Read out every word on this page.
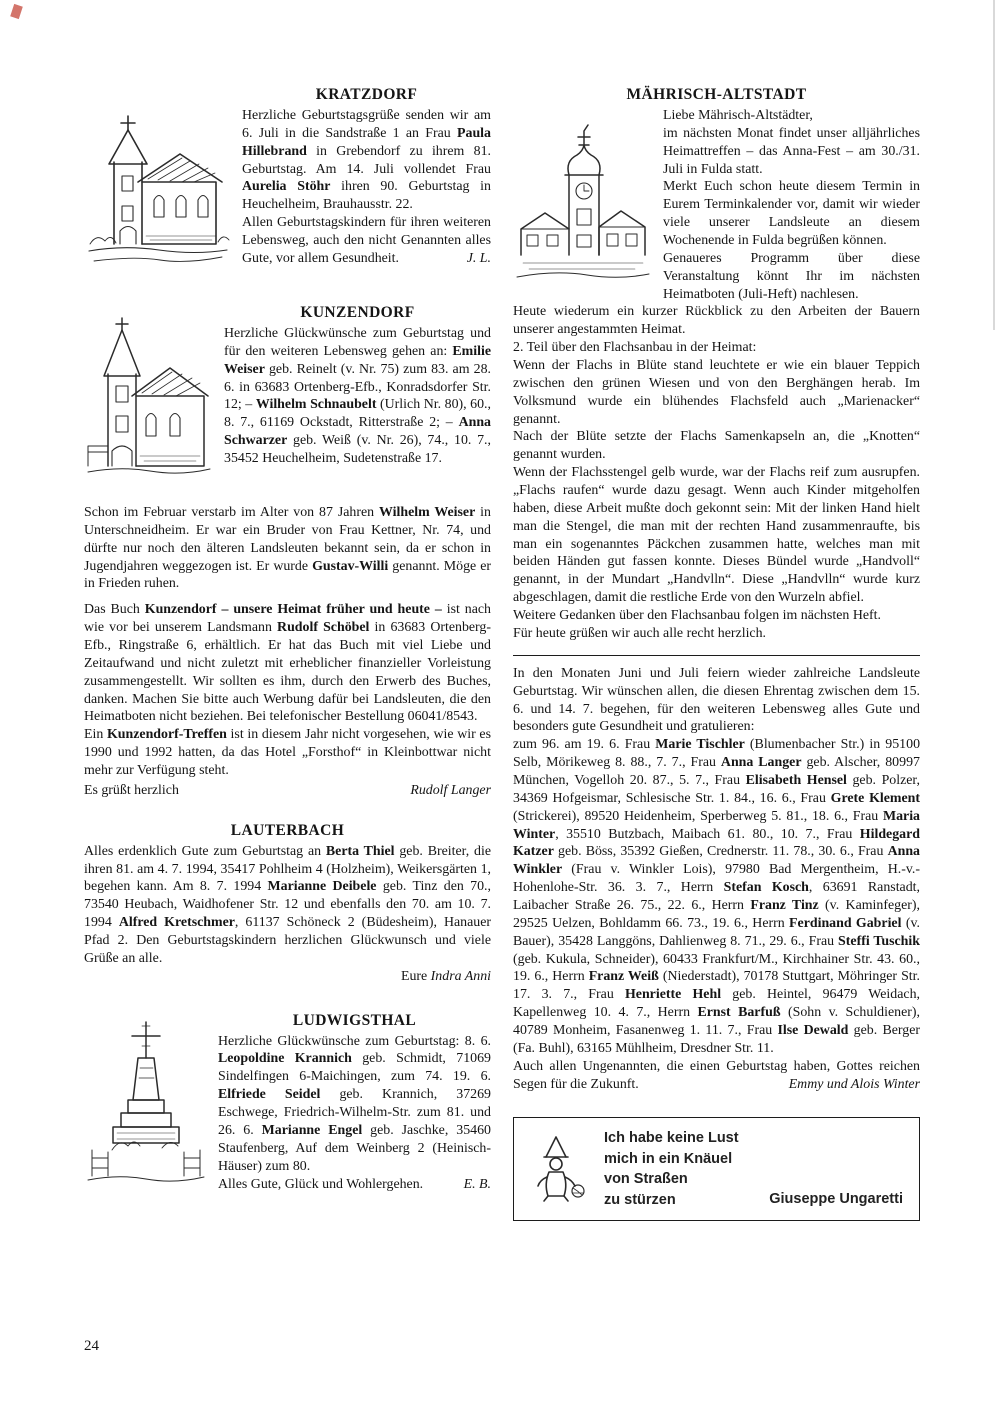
KRATZDORF

Herzliche Geburtstagsgrüße senden wir am 6. Juli in die Sandstraße 1 an Frau Paula Hillebrand in Grebendorf zu ihrem 81. Geburtstag. Am 14. Juli vollendet Frau Aurelia Stöhr ihren 90. Geburtstag in Heuchelheim, Brauhausstr. 22.

Allen Geburtstagskindern für ihren weiteren Lebensweg, auch den nicht Genannten alles Gute, vor allem Gesundheit.	J. L.

KUNZENDORF

Herzliche Glückwünsche zum Geburtstag und für den weiteren Lebensweg gehen an: Emilie Weiser geb. Reinelt (v. Nr. 75) zum 83. am 28. 6. in 63683 Ortenberg-Efb., Konradsdorfer Str. 12; – Wilhelm Schnaubelt (Urlich Nr. 80), 60., 8. 7., 61169 Ockstadt, Ritterstraße 2; – Anna Schwarzer geb. Weiß (v. Nr. 26), 74., 10. 7., 35452 Heuchelheim, Sudetenstraße 17.

Schon im Februar verstarb im Alter von 87 Jahren Wilhelm Weiser in Unterschneidheim. Er war ein Bruder von Frau Kettner, Nr. 74, und dürfte nur noch den älteren Landsleuten bekannt sein, da er schon in Jugendjahren weggezogen ist. Er wurde Gustav-Willi genannt. Möge er in Frieden ruhen.

Das Buch Kunzendorf – unsere Heimat früher und heute – ist nach wie vor bei unserem Landsmann Rudolf Schöbel in 63683 Ortenberg-Efb., Ringstraße 6, erhältlich. Er hat das Buch mit viel Liebe und Zeitaufwand und nicht zuletzt mit erheblicher finanzieller Vorleistung zusammengestellt. Wir sollten es ihm, durch den Erwerb des Buches, danken. Machen Sie bitte auch Werbung dafür bei Landsleuten, die den Heimatboten nicht beziehen. Bei telefonischer Bestellung 06041/8543.

Ein Kunzendorf-Treffen ist in diesem Jahr nicht vorgesehen, wie wir es 1990 und 1992 hatten, da das Hotel „Forsthof“ in Kleinbottwar nicht mehr zur Verfügung steht.

Es grüßt herzlich	Rudolf Langer

LAUTERBACH

Alles erdenklich Gute zum Geburtstag an Berta Thiel geb. Breiter, die ihren 81. am 4. 7. 1994, 35417 Pohlheim 4 (Holzheim), Weikersgärten 1, begehen kann. Am 8. 7. 1994 Marianne Deibele geb. Tinz den 70., 73540 Heubach, Waidhofener Str. 12 und ebenfalls den 70. am 10. 7. 1994 Alfred Kretschmer, 61137 Schöneck 2 (Büdesheim), Hanauer Pfad 2. Den Geburtstagskindern herzlichen Glückwunsch und viele Grüße an alle.

Eure Indra Anni

LUDWIGSTHAL

Herzliche Glückwünsche zum Geburtstag: 8. 6. Leopoldine Krannich geb. Schmidt, 71069 Sindelfingen 6-Maichingen, zum 74. 19. 6. Elfriede Seidel geb. Krannich, 37269 Eschwege, Friedrich-Wilhelm-Str. zum 81. und 26. 6. Marianne Engel geb. Jaschke, 35460 Staufenberg, Auf dem Weinberg 2 (Heinisch-Häuser) zum 80.

Alles Gute, Glück und Wohlergehen.	E. B.

MÄHRISCH-ALTSTADT

Liebe Mährisch-Altstädter,

im nächsten Monat findet unser alljährliches Heimattreffen – das Anna-Fest – am 30./31. Juli in Fulda statt.

Merkt Euch schon heute diesem Termin in Eurem Terminkalender vor, damit wir wieder viele unserer Landsleute an diesem Wochenende in Fulda begrüßen können.

Genaueres Programm über diese Veranstaltung könnt Ihr im nächsten Heimatboten (Juli-Heft) nachlesen.

Heute wiederum ein kurzer Rückblick zu den Arbeiten der Bauern unserer angestammten Heimat.

2. Teil über den Flachsanbau in der Heimat:

Wenn der Flachs in Blüte stand leuchtete er wie ein blauer Teppich zwischen den grünen Wiesen und von den Berghängen herab. Im Volksmund wurde ein blühendes Flachsfeld auch „Marienacker“ genannt.

Nach der Blüte setzte der Flachs Samenkapseln an, die „Knotten“ genannt wurden.

Wenn der Flachsstengel gelb wurde, war der Flachs reif zum ausrupfen. „Flachs raufen“ wurde dazu gesagt. Wenn auch Kinder mitgeholfen haben, diese Arbeit mußte doch gekonnt sein: Mit der linken Hand hielt man die Stengel, die man mit der rechten Hand zusammenraufte, bis man ein sogenanntes Päckchen zusammen hatte, welches man mit beiden Händen gut fassen konnte. Dieses Bündel wurde „Handvoll“ genannt, in der Mundart „Handvlln“. Diese „Handvlln“ wurde kurz abgeschlagen, damit die restliche Erde von den Wurzeln abfiel.

Weitere Gedanken über den Flachsanbau folgen im nächsten Heft.

Für heute grüßen wir auch alle recht herzlich.

In den Monaten Juni und Juli feiern wieder zahlreiche Landsleute Geburtstag. Wir wünschen allen, die diesen Ehrentag zwischen dem 15. 6. und 14. 7. begehen, für den weiteren Lebensweg alles Gute und besonders gute Gesundheit und gratulieren:

zum 96. am 19. 6. Frau Marie Tischler (Blumenbacher Str.) in 95100 Selb, Mörikeweg 8. 88., 7. 7., Frau Anna Langer geb. Alscher, 80997 München, Vogelloh 20. 87., 5. 7., Frau Elisabeth Hensel geb. Polzer, 34369 Hofgeismar, Schlesische Str. 1. 84., 16. 6., Frau Grete Klement (Strickerei), 89520 Heidenheim, Sperberweg 5. 81., 18. 6., Frau Maria Winter, 35510 Butzbach, Maibach 61. 80., 10. 7., Frau Hildegard Katzer geb. Böss, 35392 Gießen, Crednerstr. 11. 78., 30. 6., Frau Anna Winkler (Frau v. Winkler Lois), 97980 Bad Mergentheim, H.-v.-Hohenlohe-Str. 36. 3. 7., Herrn Stefan Kosch, 63691 Ranstadt, Laibacher Straße 26. 75., 22. 6., Herrn Franz Tinz (v. Kaminfeger), 29525 Uelzen, Bohldamm 66. 73., 19. 6., Herrn Ferdinand Gabriel (v. Bauer), 35428 Langgöns, Dahlienweg 8. 71., 29. 6., Frau Steffi Tuschik (geb. Kukula, Schneider), 60433 Frankfurt/M., Kirchhainer Str. 43. 60., 19. 6., Herrn Franz Weiß (Niederstadt), 70178 Stuttgart, Möhringer Str. 17. 3. 7., Frau Henriette Hehl geb. Heintel, 96479 Weidach, Kapellenweg 10. 4. 7., Herrn Ernst Barfuß (Sohn v. Schuldiener), 40789 Monheim, Fasanenweg 1. 11. 7., Frau Ilse Dewald geb. Berger (Fa. Buhl), 63165 Mühlheim, Dresdner Str. 11.

Auch allen Ungenannten, die einen Geburtstag haben, Gottes reichen Segen für die Zukunft.	Emmy und Alois Winter

Ich habe keine Lust
mich in ein Knäuel
von Straßen
zu stürzen	Giuseppe Ungaretti
24
